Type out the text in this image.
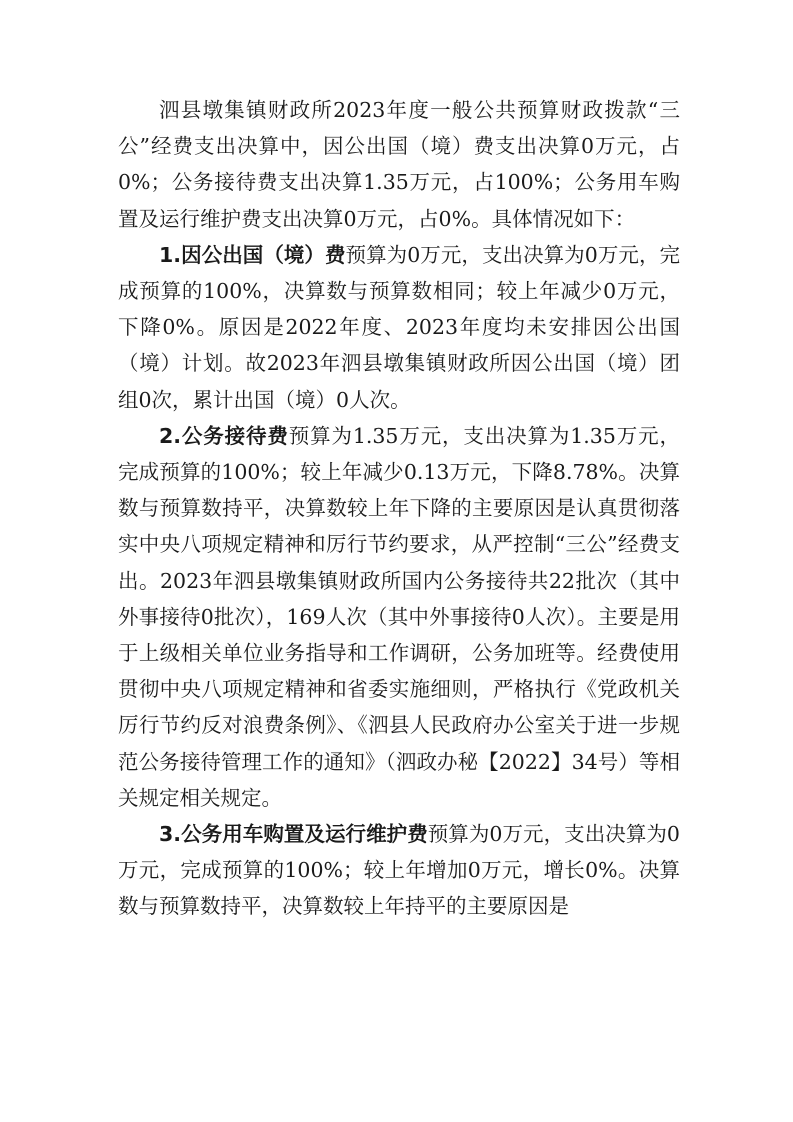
泗县墩集镇财政所2023年度一般公共预算财政拨款“三公”经费支出决算中，因公出国（境）费支出决算0万元，占0%；公务接待费支出决算1.35万元，占100%；公务用车购置及运行维护费支出决算0万元，占0%。具体情况如下：

1.因公出国（境）费预算为0万元，支出决算为0万元，完成预算的100%，决算数与预算数相同；较上年减少0万元，下降0%。原因是2022年度、2023年度均未安排因公出国（境）计划。故2023年泗县墩集镇财政所因公出国（境）团组0次，累计出国（境）0人次。

2.公务接待费预算为1.35万元，支出决算为1.35万元，完成预算的100%；较上年减少0.13万元，下降8.78%。决算数与预算数持平，决算数较上年下降的主要原因是认真贯彻落实中央八项规定精神和厉行节约要求，从严控制“三公”经费支出。2023年泗县墩集镇财政所国内公务接待共22批次（其中外事接待0批次），169人次（其中外事接待0人次）。主要是用于上级相关单位业务指导和工作调研，公务加班等。经费使用贯彻中央八项规定精神和省委实施细则，严格执行《党政机关厉行节约反对浪费条例》、《泗县人民政府办公室关于进一步规范公务接待管理工作的通知》（泗政办秘【2022】34号）等相关规定相关规定。

3.公务用车购置及运行维护费预算为0万元，支出决算为0万元，完成预算的100%；较上年增加0万元，增长0%。决算数与预算数持平，决算数较上年持平的主要原因是
